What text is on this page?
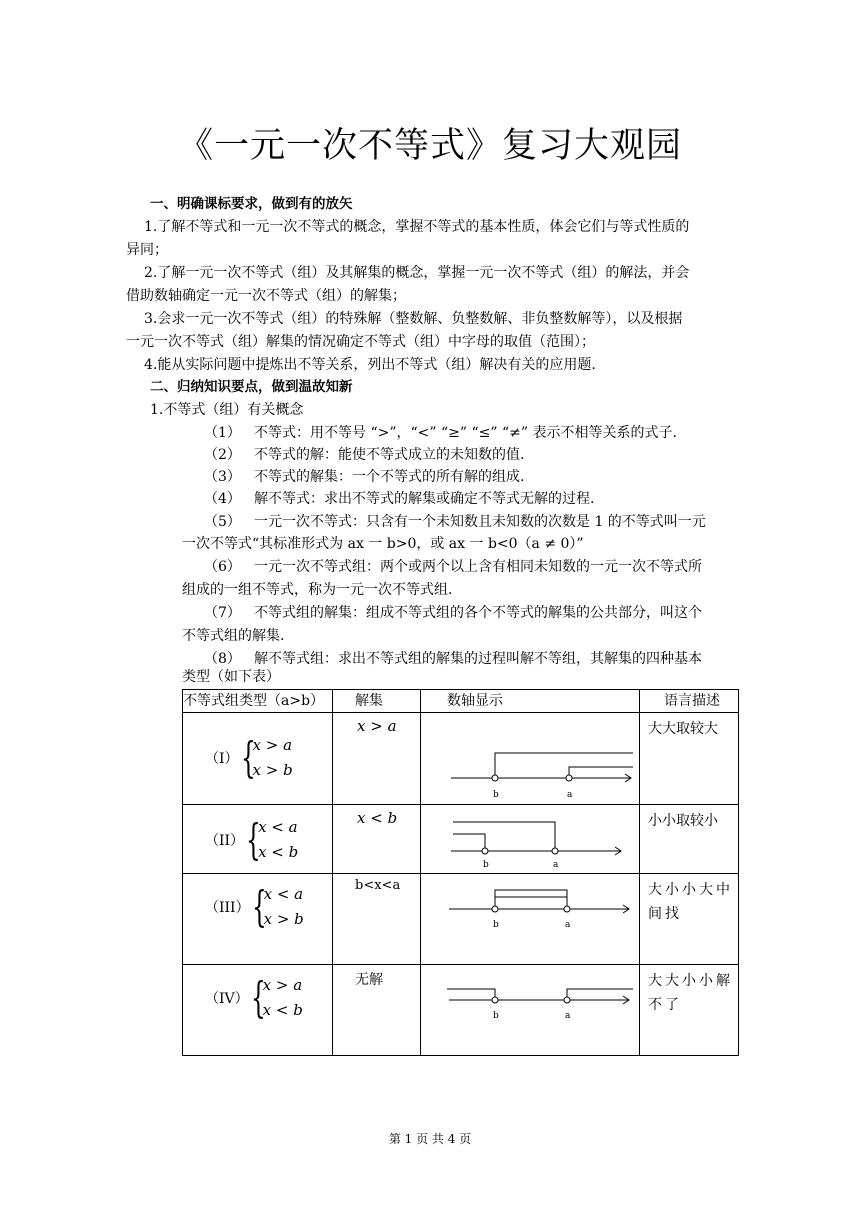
《一元一次不等式》复习大观园
一、明确课标要求，做到有的放矢
1.了解不等式和一元一次不等式的概念，掌握不等式的基本性质，体会它们与等式性质的
异同；
2.了解一元一次不等式（组）及其解集的概念，掌握一元一次不等式（组）的解法，并会
借助数轴确定一元一次不等式（组）的解集；
3.会求一元一次不等式（组）的特殊解（整数解、负整数解、非负整数解等），以及根据
一元一次不等式（组）解集的情况确定不等式（组）中字母的取值（范围）；
4.能从实际问题中提炼出不等关系，列出不等式（组）解决有关的应用题.
二、归纳知识要点，做到温故知新
1.不等式（组）有关概念
（1） 不等式：用不等号 “>”，“<” “≥” “≤” “≠” 表示不相等关系的式子.
（2） 不等式的解：能使不等式成立的未知数的值.
（3） 不等式的解集：一个不等式的所有解的组成.
（4） 解不等式：求出不等式的解集或确定不等式无解的过程.
（5） 一元一次不等式：只含有一个未知数且未知数的次数是 1 的不等式叫一元
一次不等式“其标准形式为 ax 一 b>0，或 ax 一 b<0（a ≠ 0）”
（6） 一元一次不等式组：两个或两个以上含有相同未知数的一元一次不等式所
组成的一组不等式，称为一元一次不等式组.
（7） 不等式组的解集：组成不等式组的各个不等式的解集的公共部分，叫这个
不等式组的解集.
（8） 解不等式组：求出不等式组的解集的过程叫解不等组，其解集的四种基本
类型（如下表）
不等式组类型（a>b）	解集	数轴显示	语言描述

（I） {
x > a
x > b	x > a	b a	大大取较大

（II） {
x < a
x < b	x < b	b a	小小取较小

（III） {
x < a
x > b	b<x<a	b a	大小小大中间找

（IV） {
x > a
x < b	无解	b a	大大小小解不了
第 1 页 共 4 页
